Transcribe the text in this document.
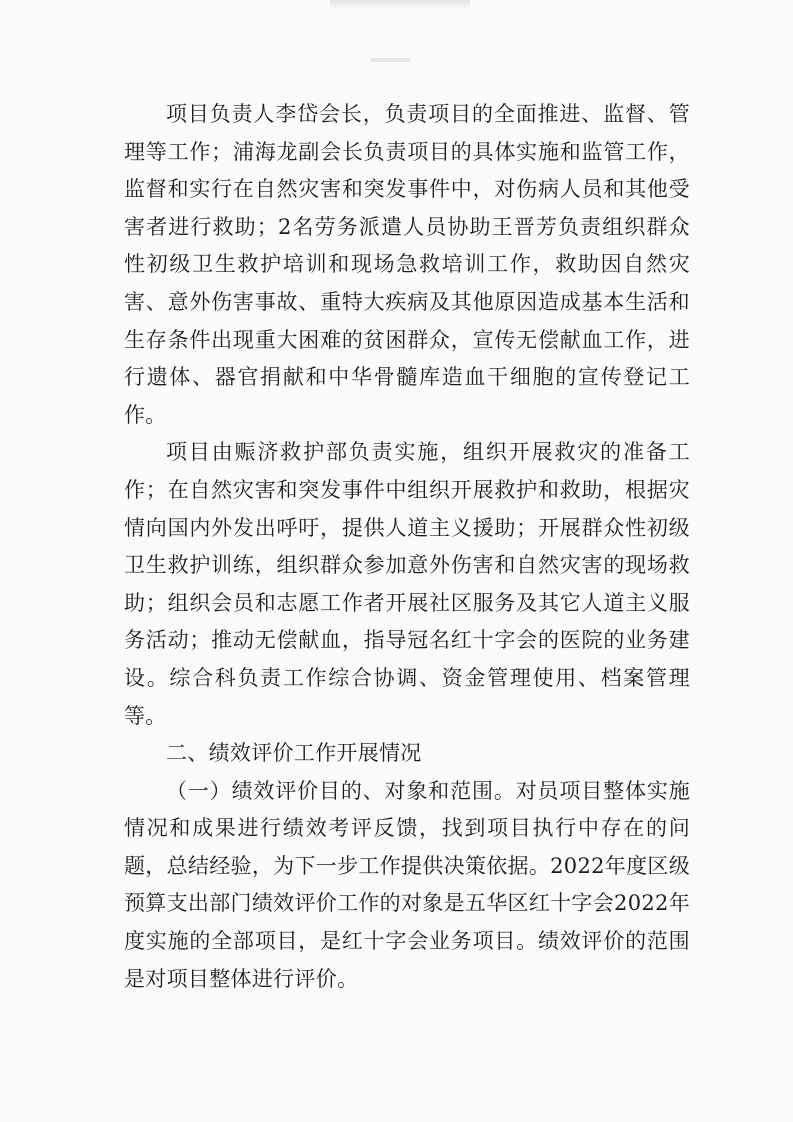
项目负责人李岱会长，负责项目的全面推进、监督、管理等工作；浦海龙副会长负责项目的具体实施和监管工作，监督和实行在自然灾害和突发事件中，对伤病人员和其他受害者进行救助；2名劳务派遣人员协助王晋芳负责组织群众性初级卫生救护培训和现场急救培训工作，救助因自然灾害、意外伤害事故、重特大疾病及其他原因造成基本生活和生存条件出现重大困难的贫困群众，宣传无偿献血工作，进行遗体、器官捐献和中华骨髓库造血干细胞的宣传登记工作。

项目由赈济救护部负责实施，组织开展救灾的准备工作；在自然灾害和突发事件中组织开展救护和救助，根据灾情向国内外发出呼吁，提供人道主义援助；开展群众性初级卫生救护训练，组织群众参加意外伤害和自然灾害的现场救助；组织会员和志愿工作者开展社区服务及其它人道主义服务活动；推动无偿献血，指导冠名红十字会的医院的业务建设。综合科负责工作综合协调、资金管理使用、档案管理等。

二、绩效评价工作开展情况

（一）绩效评价目的、对象和范围。对员项目整体实施情况和成果进行绩效考评反馈，找到项目执行中存在的问题，总结经验，为下一步工作提供决策依据。2022年度区级预算支出部门绩效评价工作的对象是五华区红十字会2022年度实施的全部项目，是红十字会业务项目。绩效评价的范围是对项目整体进行评价。
